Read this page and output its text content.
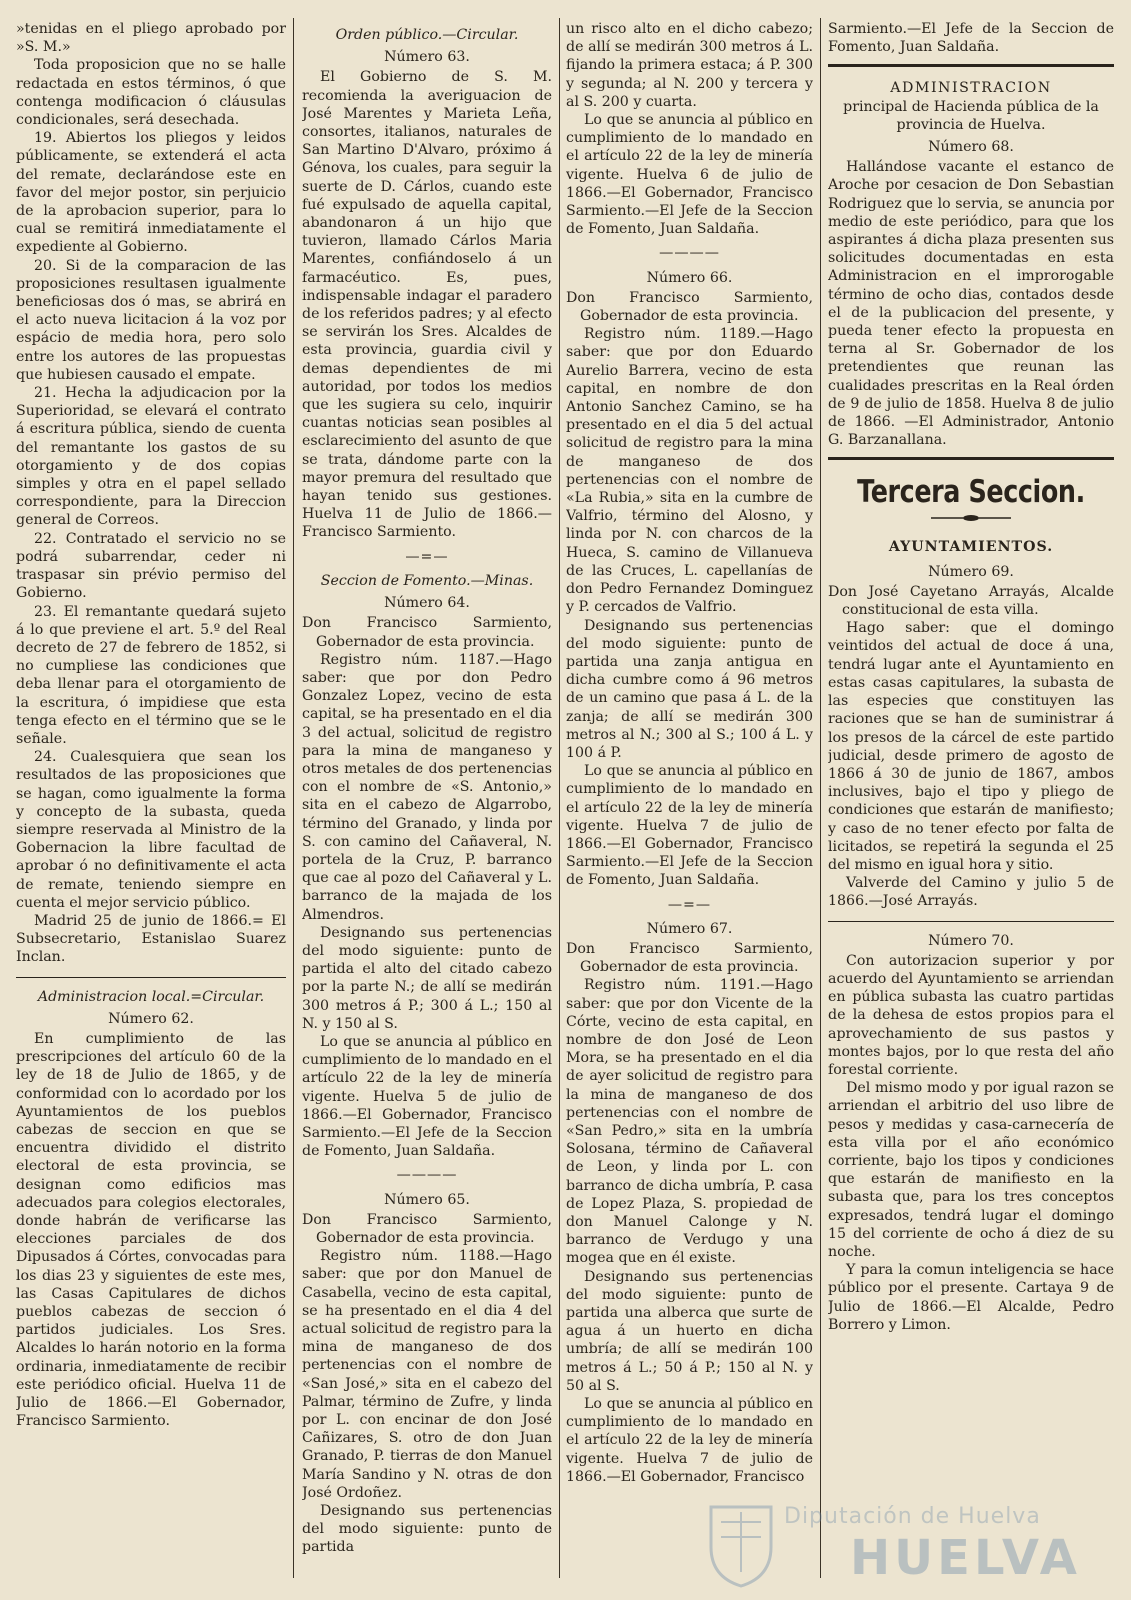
»tenidas en el pliego aprobado por »S. M.»

Toda proposicion que no se halle redactada en estos términos, ó que contenga modificacion ó cláusulas condicionales, será desechada.

19. Abiertos los pliegos y leidos públicamente, se extenderá el acta del remate, declarándose este en favor del mejor postor, sin perjuicio de la aprobacion superior, para lo cual se remitirá inmediatamente el expediente al Gobierno.

20. Si de la comparacion de las proposiciones resultasen igualmente beneficiosas dos ó mas, se abrirá en el acto nueva licitacion á la voz por espácio de media hora, pero solo entre los autores de las propuestas que hubiesen causado el empate.

21. Hecha la adjudicacion por la Superioridad, se elevará el contrato á escritura pública, siendo de cuenta del remantante los gastos de su otorgamiento y de dos copias simples y otra en el papel sellado correspondiente, para la Direccion general de Correos.

22. Contratado el servicio no se podrá subarrendar, ceder ni traspasar sin prévio permiso del Gobierno.

23. El remantante quedará sujeto á lo que previene el art. 5.º del Real decreto de 27 de febrero de 1852, si no cumpliese las condiciones que deba llenar para el otorgamiento de la escritura, ó impidiese que esta tenga efecto en el término que se le señale.

24. Cualesquiera que sean los resultados de las proposiciones que se hagan, como igualmente la forma y concepto de la subasta, queda siempre reservada al Ministro de la Gobernacion la libre facultad de aprobar ó no definitivamente el acta de remate, teniendo siempre en cuenta el mejor servicio público.

Madrid 25 de junio de 1866.= El Subsecretario, Estanislao Suarez Inclan.

Administracion local.=Circular.

Número 62.

En cumplimiento de las prescripciones del artículo 60 de la ley de 18 de Julio de 1865, y de conformidad con lo acordado por los Ayuntamientos de los pueblos cabezas de seccion en que se encuentra dividido el distrito electoral de esta provincia, se designan como edificios mas adecuados para colegios electorales, donde habrán de verificarse las elecciones parciales de dos Dipusados á Córtes, convocadas para los dias 23 y siguientes de este mes, las Casas Capitulares de dichos pueblos cabezas de seccion ó partidos judiciales. Los Sres. Alcaldes lo harán notorio en la forma ordinaria, inmediatamente de recibir este periódico oficial. Huelva 11 de Julio de 1866.—El Gobernador, Francisco Sarmiento.

Orden público.—Circular.

Número 63.

El Gobierno de S. M. recomienda la averiguacion de José Marentes y Marieta Leña, consortes, italianos, naturales de San Martino D'Alvaro, próximo á Génova, los cuales, para seguir la suerte de D. Cárlos, cuando este fué expulsado de aquella capital, abandonaron á un hijo que tuvieron, llamado Cárlos Maria Marentes, confiándoselo á un farmacéutico. Es, pues, indispensable indagar el paradero de los referidos padres; y al efecto se servirán los Sres. Alcaldes de esta provincia, guardia civil y demas dependientes de mi autoridad, por todos los medios que les sugiera su celo, inquirir cuantas noticias sean posibles al esclarecimiento del asunto de que se trata, dándome parte con la mayor premura del resultado que hayan tenido sus gestiones. Huelva 11 de Julio de 1866.—Francisco Sarmiento.

—=—

Seccion de Fomento.—Minas.

Número 64.

Don Francisco Sarmiento, Gobernador de esta provincia.

Registro núm. 1187.—Hago saber: que por don Pedro Gonzalez Lopez, vecino de esta capital, se ha presentado en el dia 3 del actual, solicitud de registro para la mina de manganeso y otros metales de dos pertenencias con el nombre de «S. Antonio,» sita en el cabezo de Algarrobo, término del Granado, y linda por S. con camino del Cañaveral, N. portela de la Cruz, P. barranco que cae al pozo del Cañaveral y L. barranco de la majada de los Almendros.

Designando sus pertenencias del modo siguiente: punto de partida el alto del citado cabezo por la parte N.; de allí se medirán 300 metros á P.; 300 á L.; 150 al N. y 150 al S.

Lo que se anuncia al público en cumplimiento de lo mandado en el artículo 22 de la ley de minería vigente. Huelva 5 de julio de 1866.—El Gobernador, Francisco Sarmiento.—El Jefe de la Seccion de Fomento, Juan Saldaña.

————

Número 65.

Don Francisco Sarmiento, Gobernador de esta provincia.

Registro núm. 1188.—Hago saber: que por don Manuel de Casabella, vecino de esta capital, se ha presentado en el dia 4 del actual solicitud de registro para la mina de manganeso de dos pertenencias con el nombre de «San José,» sita en el cabezo del Palmar, término de Zufre, y linda por L. con encinar de don José Cañizares, S. otro de don Juan Granado, P. tierras de don Manuel María Sandino y N. otras de don José Ordoñez.

Designando sus pertenencias del modo siguiente: punto de partida

un risco alto en el dicho cabezo; de allí se medirán 300 metros á L. fijando la primera estaca; á P. 300 y segunda; al N. 200 y tercera y al S. 200 y cuarta.

Lo que se anuncia al público en cumplimiento de lo mandado en el artículo 22 de la ley de minería vigente. Huelva 6 de julio de 1866.—El Gobernador, Francisco Sarmiento.—El Jefe de la Seccion de Fomento, Juan Saldaña.

————

Número 66.

Don Francisco Sarmiento, Gobernador de esta provincia.

Registro núm. 1189.—Hago saber: que por don Eduardo Aurelio Barrera, vecino de esta capital, en nombre de don Antonio Sanchez Camino, se ha presentado en el dia 5 del actual solicitud de registro para la mina de manganeso de dos pertenencias con el nombre de «La Rubia,» sita en la cumbre de Valfrio, término del Alosno, y linda por N. con charcos de la Hueca, S. camino de Villanueva de las Cruces, L. capellanías de don Pedro Fernandez Dominguez y P. cercados de Valfrio.

Designando sus pertenencias del modo siguiente: punto de partida una zanja antigua en dicha cumbre como á 96 metros de un camino que pasa á L. de la zanja; de allí se medirán 300 metros al N.; 300 al S.; 100 á L. y 100 á P.

Lo que se anuncia al público en cumplimiento de lo mandado en el artículo 22 de la ley de minería vigente. Huelva 7 de julio de 1866.—El Gobernador, Francisco Sarmiento.—El Jefe de la Seccion de Fomento, Juan Saldaña.

—=—

Número 67.

Don Francisco Sarmiento, Gobernador de esta provincia.

Registro núm. 1191.—Hago saber: que por don Vicente de la Córte, vecino de esta capital, en nombre de don José de Leon Mora, se ha presentado en el dia de ayer solicitud de registro para la mina de manganeso de dos pertenencias con el nombre de «San Pedro,» sita en la umbría Solosana, término de Cañaveral de Leon, y linda por L. con barranco de dicha umbría, P. casa de Lopez Plaza, S. propiedad de don Manuel Calonge y N. barranco de Verdugo y una mogea que en él existe.

Designando sus pertenencias del modo siguiente: punto de partida una alberca que surte de agua á un huerto en dicha umbría; de allí se medirán 100 metros á L.; 50 á P.; 150 al N. y 50 al S.

Lo que se anuncia al público en cumplimiento de lo mandado en el artículo 22 de la ley de minería vigente. Huelva 7 de julio de 1866.—El Gobernador, Francisco

Sarmiento.—El Jefe de la Seccion de Fomento, Juan Saldaña.

ADMINISTRACION

principal de Hacienda pública de la provincia de Huelva.

Número 68.

Hallándose vacante el estanco de Aroche por cesacion de Don Sebastian Rodriguez que lo servia, se anuncia por medio de este periódico, para que los aspirantes á dicha plaza presenten sus solicitudes documentadas en esta Administracion en el improrogable término de ocho dias, contados desde el de la publicacion del presente, y pueda tener efecto la propuesta en terna al Sr. Gobernador de los pretendientes que reunan las cualidades prescritas en la Real órden de 9 de julio de 1858. Huelva 8 de julio de 1866. —El Administrador, Antonio G. Barzanallana.

Tercera Seccion.

AYUNTAMIENTOS.

Número 69.

Don José Cayetano Arrayás, Alcalde constitucional de esta villa.

Hago saber: que el domingo veintidos del actual de doce á una, tendrá lugar ante el Ayuntamiento en estas casas capitulares, la subasta de las especies que constituyen las raciones que se han de suministrar á los presos de la cárcel de este partido judicial, desde primero de agosto de 1866 á 30 de junio de 1867, ambos inclusives, bajo el tipo y pliego de condiciones que estarán de manifiesto; y caso de no tener efecto por falta de licitados, se repetirá la segunda el 25 del mismo en igual hora y sitio.

Valverde del Camino y julio 5 de 1866.—José Arrayás.

Número 70.

Con autorizacion superior y por acuerdo del Ayuntamiento se arriendan en pública subasta las cuatro partidas de la dehesa de estos propios para el aprovechamiento de sus pastos y montes bajos, por lo que resta del año forestal corriente.

Del mismo modo y por igual razon se arriendan el arbitrio del uso libre de pesos y medidas y casa-carnecería de esta villa por el año económico corriente, bajo los tipos y condiciones que estarán de manifiesto en la subasta que, para los tres conceptos expresados, tendrá lugar el domingo 15 del corriente de ocho á diez de su noche.

Y para la comun inteligencia se hace público por el presente. Cartaya 9 de Julio de 1866.—El Alcalde, Pedro Borrero y Limon.

Diputación de Huelva
HUELVA
